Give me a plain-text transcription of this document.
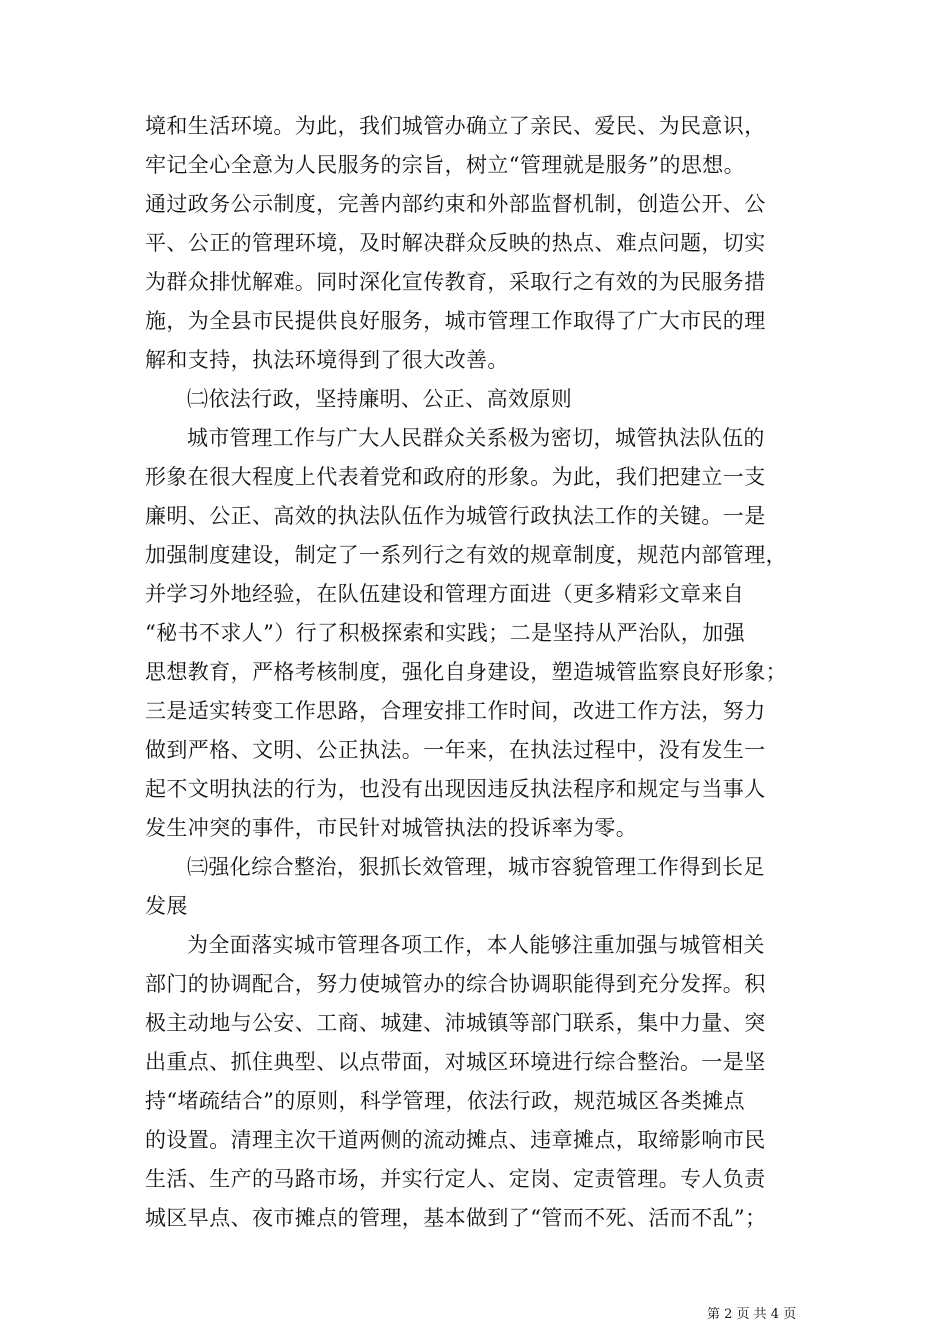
境和生活环境。为此，我们城管办确立了亲民、爱民、为民意识，
牢记全心全意为人民服务的宗旨，树立“管理就是服务”的思想。
通过政务公示制度，完善内部约束和外部监督机制，创造公开、公
平、公正的管理环境，及时解决群众反映的热点、难点问题，切实
为群众排忧解难。同时深化宣传教育，采取行之有效的为民服务措
施，为全县市民提供良好服务，城市管理工作取得了广大市民的理
解和支持，执法环境得到了很大改善。
㈡依法行政，坚持廉明、公正、高效原则
城市管理工作与广大人民群众关系极为密切，城管执法队伍的
形象在很大程度上代表着党和政府的形象。为此，我们把建立一支
廉明、公正、高效的执法队伍作为城管行政执法工作的关键。一是
加强制度建设，制定了一系列行之有效的规章制度，规范内部管理，
并学习外地经验，在队伍建设和管理方面进（更多精彩文章来自
“秘书不求人”）行了积极探索和实践；二是坚持从严治队，加强
思想教育，严格考核制度，强化自身建设，塑造城管监察良好形象；
三是适实转变工作思路，合理安排工作时间，改进工作方法，努力
做到严格、文明、公正执法。一年来，在执法过程中，没有发生一
起不文明执法的行为，也没有出现因违反执法程序和规定与当事人
发生冲突的事件，市民针对城管执法的投诉率为零。
㈢强化综合整治，狠抓长效管理，城市容貌管理工作得到长足
发展
为全面落实城市管理各项工作，本人能够注重加强与城管相关
部门的协调配合，努力使城管办的综合协调职能得到充分发挥。积
极主动地与公安、工商、城建、沛城镇等部门联系，集中力量、突
出重点、抓住典型、以点带面，对城区环境进行综合整治。一是坚
持“堵疏结合”的原则，科学管理，依法行政，规范城区各类摊点
的设置。清理主次干道两侧的流动摊点、违章摊点，取缔影响市民
生活、生产的马路市场，并实行定人、定岗、定责管理。专人负责
城区早点、夜市摊点的管理，基本做到了“管而不死、活而不乱”；
第 2 页 共 4 页
